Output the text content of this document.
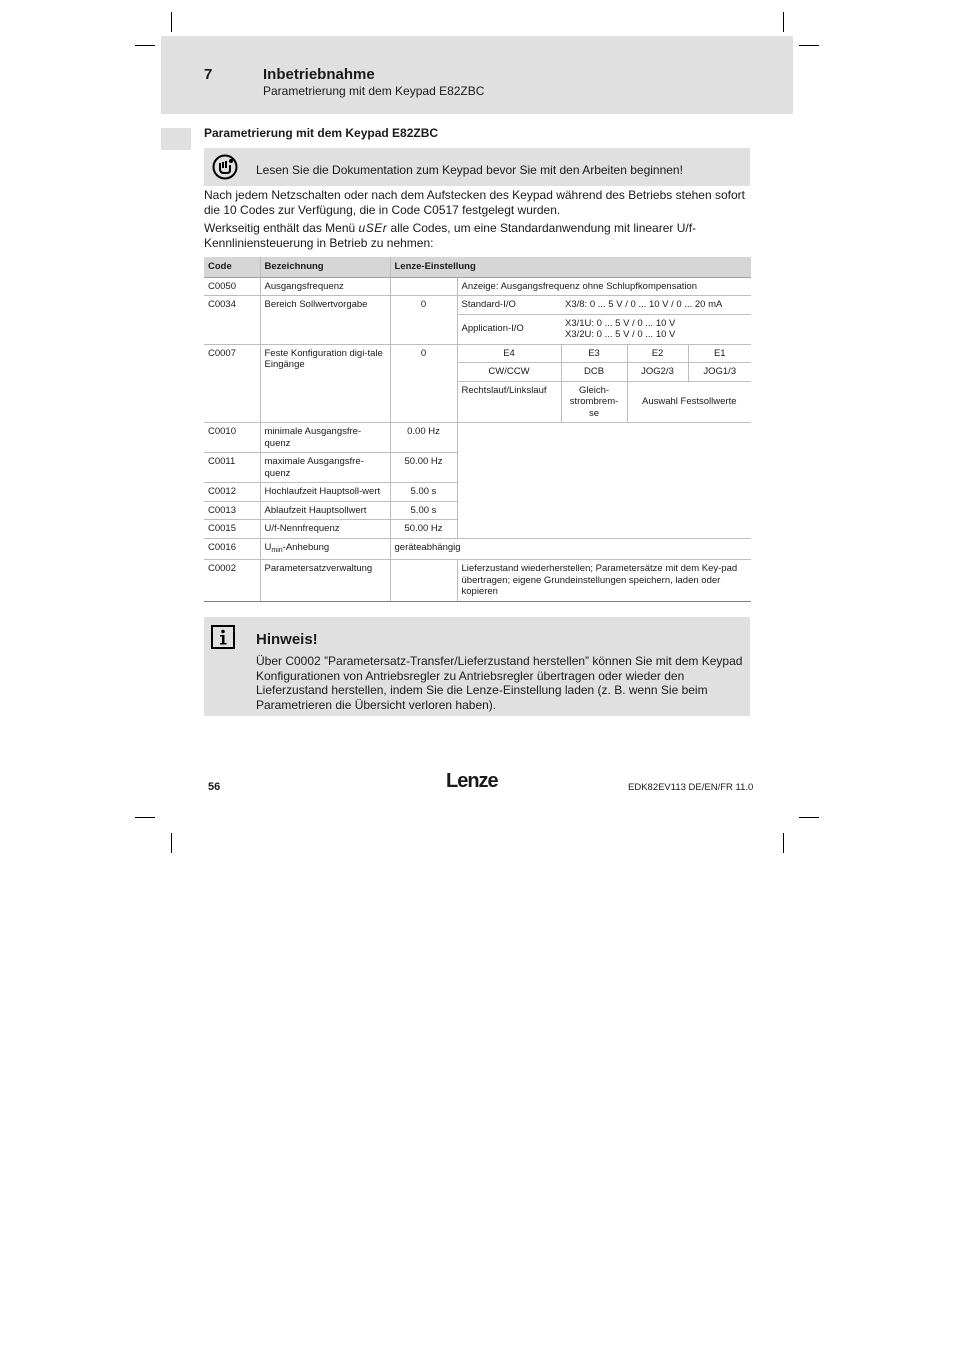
7	Inbetriebnahme
Parametrierung mit dem Keypad E82ZBC
Parametrierung mit dem Keypad E82ZBC
Lesen Sie die Dokumentation zum Keypad bevor Sie mit den Arbeiten beginnen!
Nach jedem Netzschalten oder nach dem Aufstecken des Keypad während des Betriebs stehen sofort die 10 Codes zur Verfügung, die in Code C0517 festgelegt wurden.
Werkseitig enthält das Menü uSEr alle Codes, um eine Standardanwendung mit linearer U/f-Kennliniensteuerung in Betrieb zu nehmen:
Code	Bezeichnung	Lenze-Einstellung				
C0050	Ausgangsfrequenz		Anzeige: Ausgangsfrequenz ohne Schlupfkompensation			
C0034	Bereich Sollwertvorgabe	0	Standard-I/O	X3/8: 0 ... 5 V / 0 ... 10 V / 0 ... 20 mA		
			Application-I/O	X3/1U: 0 ... 5 V / 0 ... 10 V
X3/2U: 0 ... 5 V / 0 ... 10 V		

C0007	Feste Konfiguration digi-tale Eingänge	0	E4	E3	E2	E1
			CW/CCW	DCB	JOG2/3	JOG1/3
			Rechtslauf/Linkslauf	Gleich-strombrem-se	Auswahl Festsollwerte	
C0010	minimale Ausgangsfre-quenz	0.00 Hz				
C0011	maximale Ausgangsfre-quenz	50.00 Hz				
C0012	Hochlaufzeit Hauptsoll-wert	5.00 s				
C0013	Ablaufzeit Hauptsollwert	5.00 s				
C0015	U/f-Nennfrequenz	50.00 Hz				
C0016	$U_{min}$-Anhebung	geräteabhängig				
C0002	Parametersatzverwaltung		Lieferzustand wiederherstellen; Parametersätze mit dem Key-pad übertragen; eigene Grundeinstellungen speichern, laden oder kopieren			
Hinweis!
Über C0002 ”Parametersatz-Transfer/Lieferzustand herstellen” können Sie mit dem Keypad Konfigurationen von Antriebsregler zu Antriebsregler übertragen oder wieder den Lieferzustand herstellen, indem Sie die Lenze-Einstellung laden (z. B. wenn Sie beim Parametrieren die Übersicht verloren haben).
56	Lenze	EDK82EV113 DE/EN/FR 11.0
